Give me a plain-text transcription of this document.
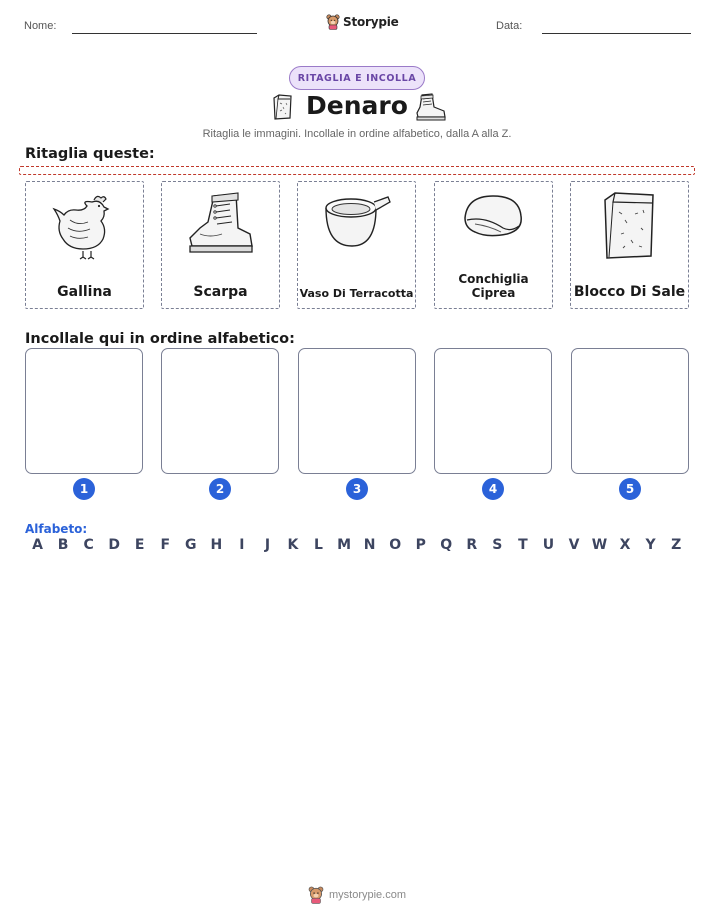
Nome:	Storypie	Data:
RITAGLIA E INCOLLA
Denaro
Ritaglia le immagini. Incollale in ordine alfabetico, dalla A alla Z.
Ritaglia queste:
Gallina	Scarpa	Vaso Di Terracotta
Conchiglia Ciprea	Blocco Di Sale
Incollale qui in ordine alfabetico:
1	2	3	4	5
Alfabeto:
A	B	C	D	E	F	G H	I	J	K	L	M N O	P	Q	R	S	T	U	V W X	Y	Z
mystorypie.com
